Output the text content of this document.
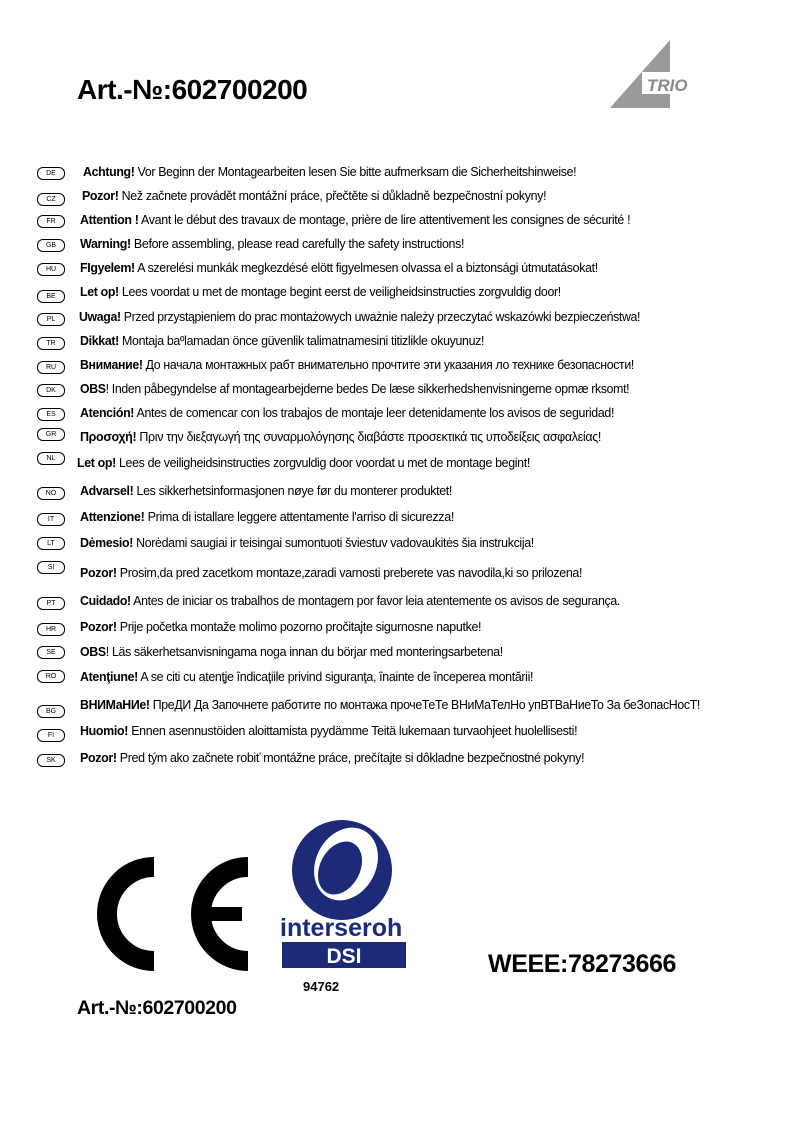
Art.-№:602700200	TRIO
DE	Achtung! Vor Beginn der Montagearbeiten lesen Sie bitte aufmerksam die Sicherheitshinweise!
CZ	Pozor! Než začnete provádět montážní práce, přečtěte si důkladně bezpečnostní pokyny!
FR	Attention ! Avant le début des travaux de montage, prière de lire attentivement les consignes de sécurité !
GB	Warning! Before assembling, please read carefully the safety instructions!
HU	FIgyelem! A szerelési munkák megkezdésé elött figyelmesen olvassa el a biztonsági útmutatásokat!
BE	Let op! Lees voordat u met de montage begint eerst de veiligheidsinstructies zorgvuldig door!
PL	Uwaga! Przed przystąpieniem do prac montażowych uważnie należy przeczytać wskazówki bezpieczeństwa!
TR	Dikkat! Montaja baºlamadan önce güvenlik talimatnamesini titizlikle okuyunuz!
RU	Внимание! До начала монтажных рабт внимательно прочтите эти указания ло технике безопасности!
DK	OBS! Inden påbegyndelse af montagearbejderne bedes De læse sikkerhedshenvisningerne opmæ rksomt!
ES	Atención! Antes de comencar con los trabajos de montaje leer detenidamente los avisos de seguridad!
GR	Προσοχή! Πριν την διεξαγωγή της συναρμολόγησης διαβάστε προσεκτικά τις υποδείξεις ασφαλείας!
NL	Let op! Lees de veiligheidsinstructies zorgvuldig door voordat u met de montage begint!
NO	Advarsel! Les sikkerhetsinformasjonen nøye før du monterer produktet!
IT	Attenzione! Prima di istallare leggere attentamente l'arriso di sicurezza!
LT	Dėmesio! Norėdami saugiai ir teisingai sumontuoti šviestuv vadovaukitės šia instrukcija!
SI	Pozor! Prosim,da pred zacetkom montaze,zaradi varnosti preberete vas navodila,ki so prilozena!
PT	Cuidado! Antes de iniciar os trabalhos de montagem por favor leia atentemente os avisos de segurança.
HR	Pozor! Prije početka montaže molimo pozorno pročitajte sigurnosne naputke!
SE	OBS! Läs säkerhetsanvisningama noga innan du börjar med monteringsarbetena!
RO	Atenţiune! A se citi cu atenţje îndicaţiile privind siguranţa, înainte de începerea montării!
BG	ВНИМаНИе! ПреДИ Да Започнете работите по монтажа прочеТеТе ВНиМаТелНо упВТВаНиеТо За беЗопасНосТ!
FI	Huomio! Ennen asennustöiden aloittamista pyydämme Teitä lukemaan turvaohjeet huolellisesti!
SK	Pozor! Pred tým ako začnete robiť montážne práce, prečítajte si dôkladne bezpečnostné pokyny!
interseroh
DSI
94762
WEEE:78273666
Art.-№:602700200
